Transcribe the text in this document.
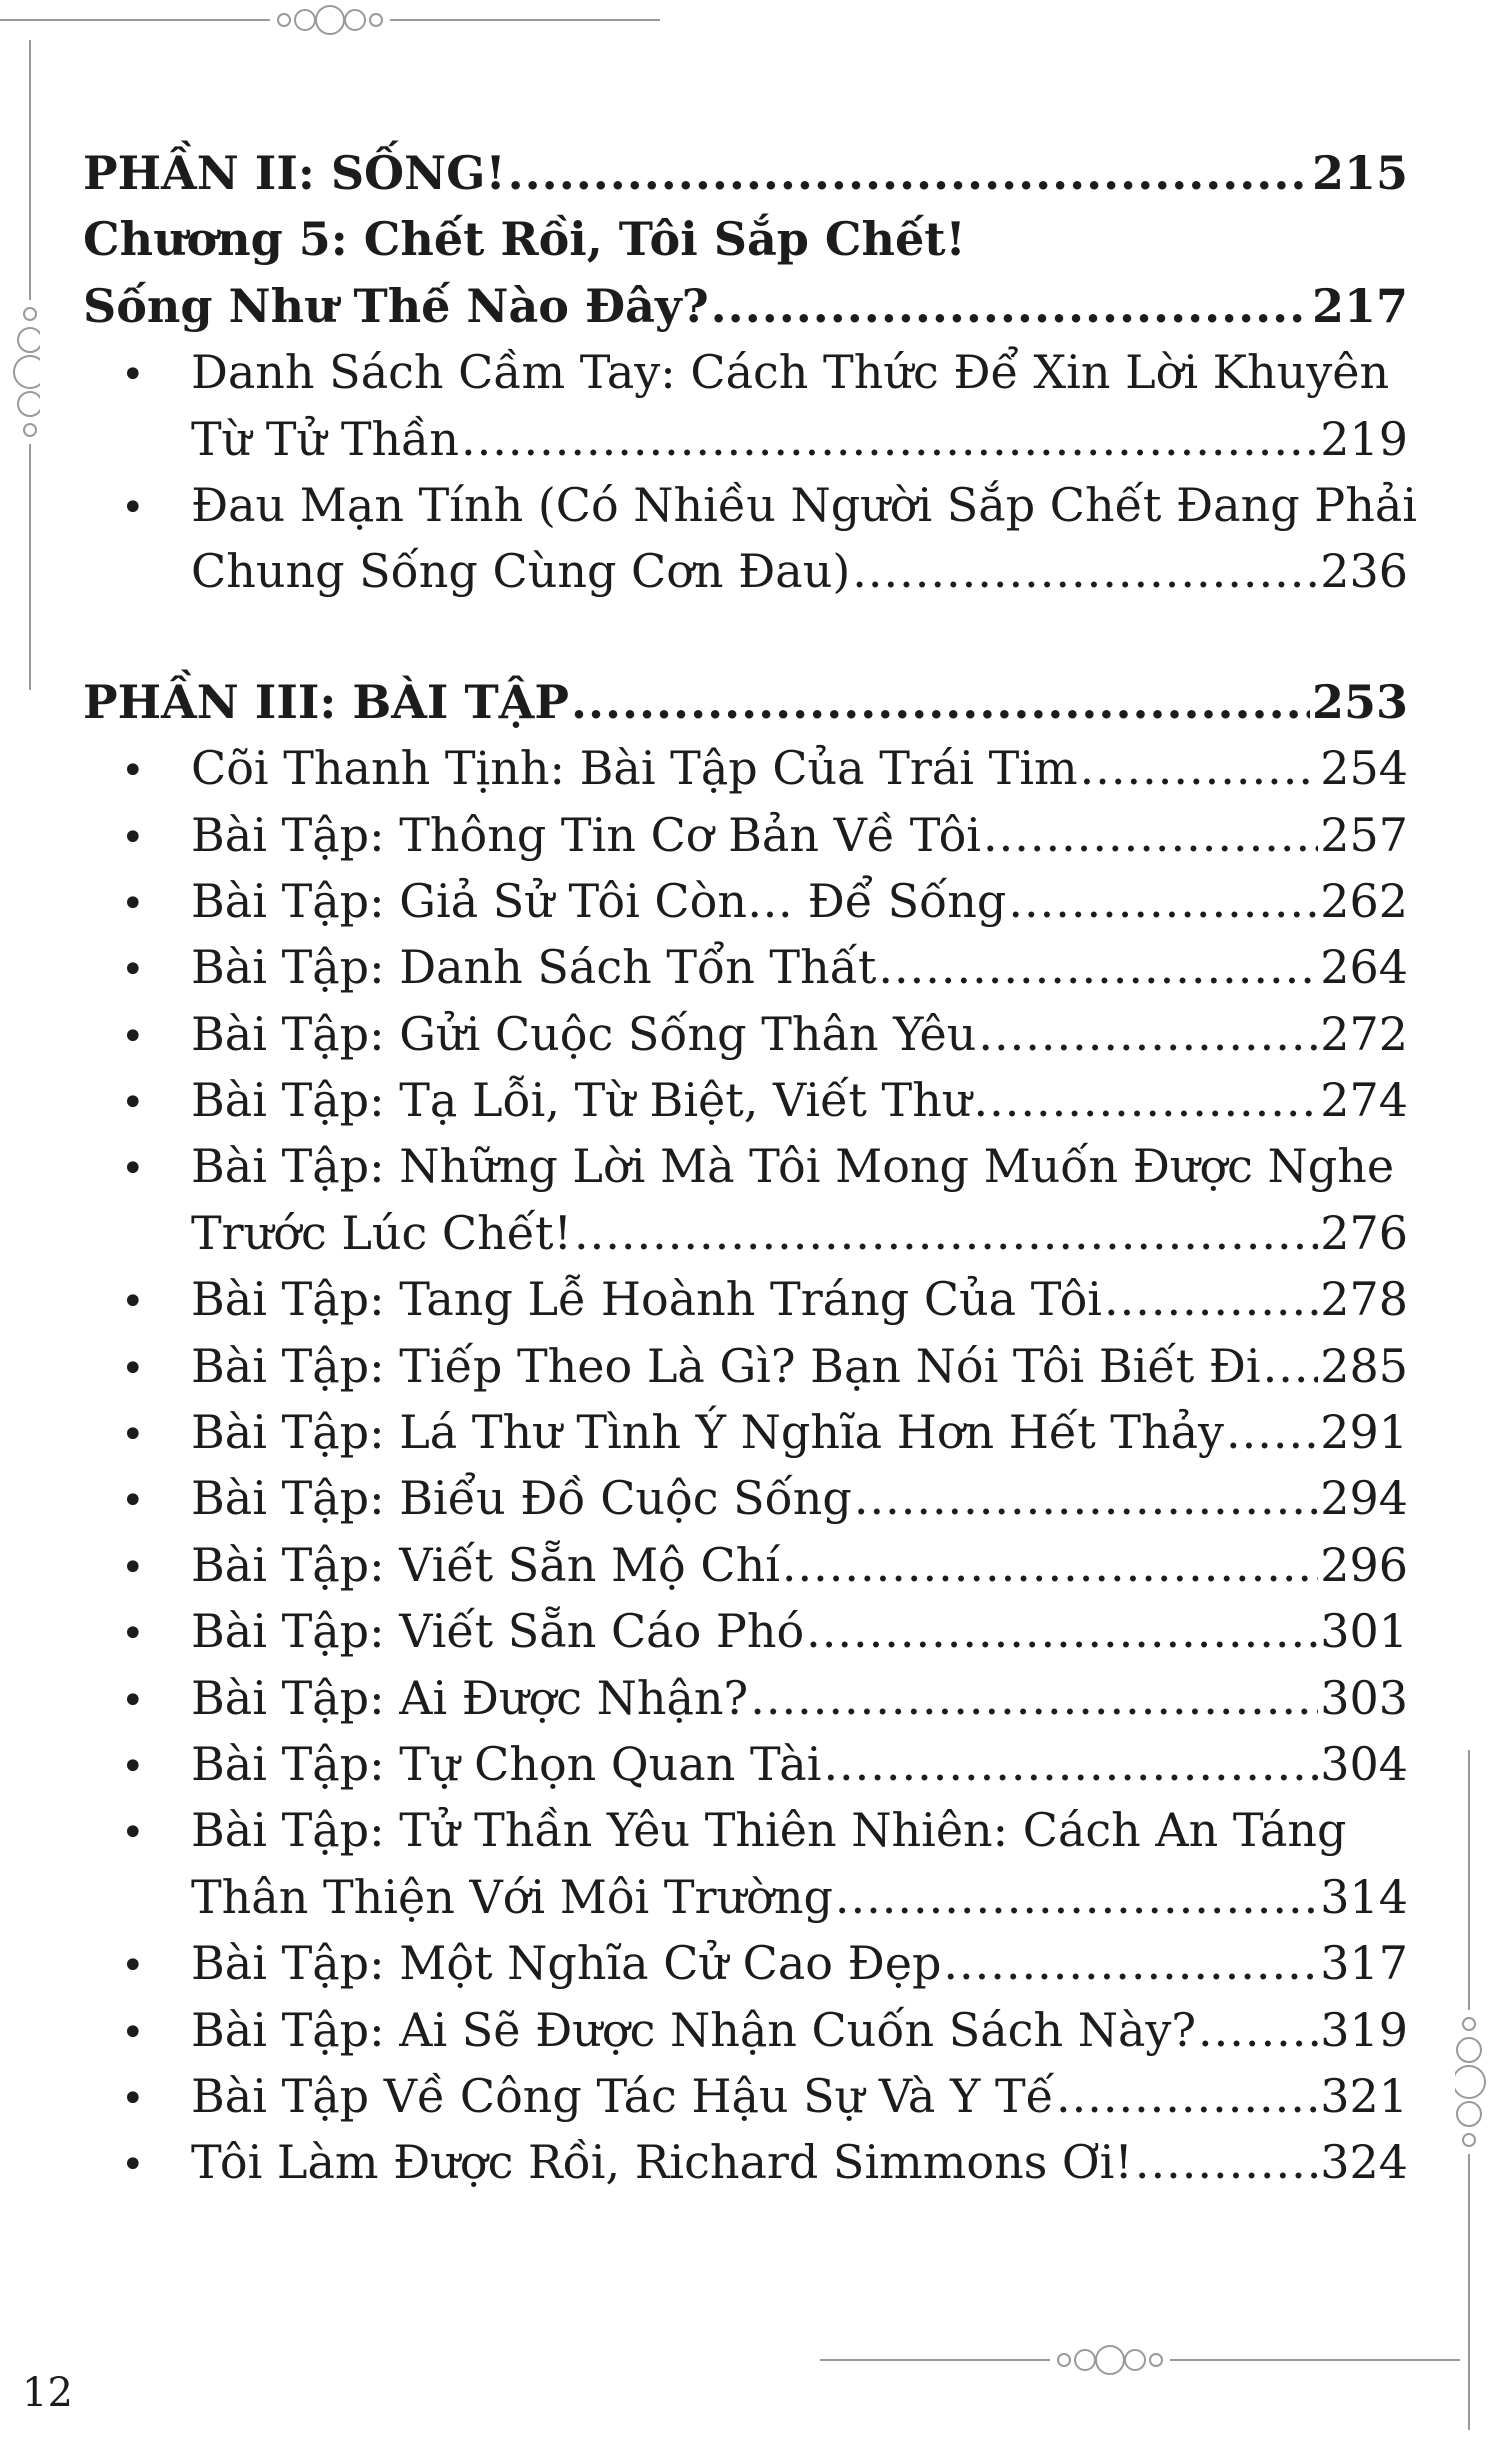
PHẦN II: SỐNG! .....	215
Chương 5: Chết Rồi, Tôi Sắp Chết!
Sống Như Thế Nào Đây? .....	217
•	Danh Sách Cầm Tay: Cách Thức Để Xin Lời Khuyên
Từ Tử Thần .....	219
•	Đau Mạn Tính (Có Nhiều Người Sắp Chết Đang Phải
Chung Sống Cùng Cơn Đau) .....	236
PHẦN III: BÀI TẬP .....	253
•	Cõi Thanh Tịnh: Bài Tập Của Trái Tim .....	254
•	Bài Tập: Thông Tin Cơ Bản Về Tôi .....	257
•	Bài Tập: Giả Sử Tôi Còn… Để Sống .....	262
•	Bài Tập: Danh Sách Tổn Thất .....	264
•	Bài Tập: Gửi Cuộc Sống Thân Yêu .....	272
•	Bài Tập: Tạ Lỗi, Từ Biệt, Viết Thư .....	274
•	Bài Tập: Những Lời Mà Tôi Mong Muốn Được Nghe
Trước Lúc Chết! .....	276
•	Bài Tập: Tang Lễ Hoành Tráng Của Tôi .....	278
•	Bài Tập: Tiếp Theo Là Gì? Bạn Nói Tôi Biết Đi ..... 285
•	Bài Tập: Lá Thư Tình Ý Nghĩa Hơn Hết Thảy ..... 291
•	Bài Tập: Biểu Đồ Cuộc Sống .....	294
•	Bài Tập: Viết Sẵn Mộ Chí .....	296
•	Bài Tập: Viết Sẵn Cáo Phó .....	301
•	Bài Tập: Ai Được Nhận? .....	303
•	Bài Tập: Tự Chọn Quan Tài .....	304
•	Bài Tập: Tử Thần Yêu Thiên Nhiên: Cách An Táng
Thân Thiện Với Môi Trường .....	314
•	Bài Tập: Một Nghĩa Cử Cao Đẹp .....	317
•	Bài Tập: Ai Sẽ Được Nhận Cuốn Sách Này? .....	319
•	Bài Tập Về Công Tác Hậu Sự Và Y Tế .....	321
•	Tôi Làm Được Rồi, Richard Simmons Ơi! .....	324
12
